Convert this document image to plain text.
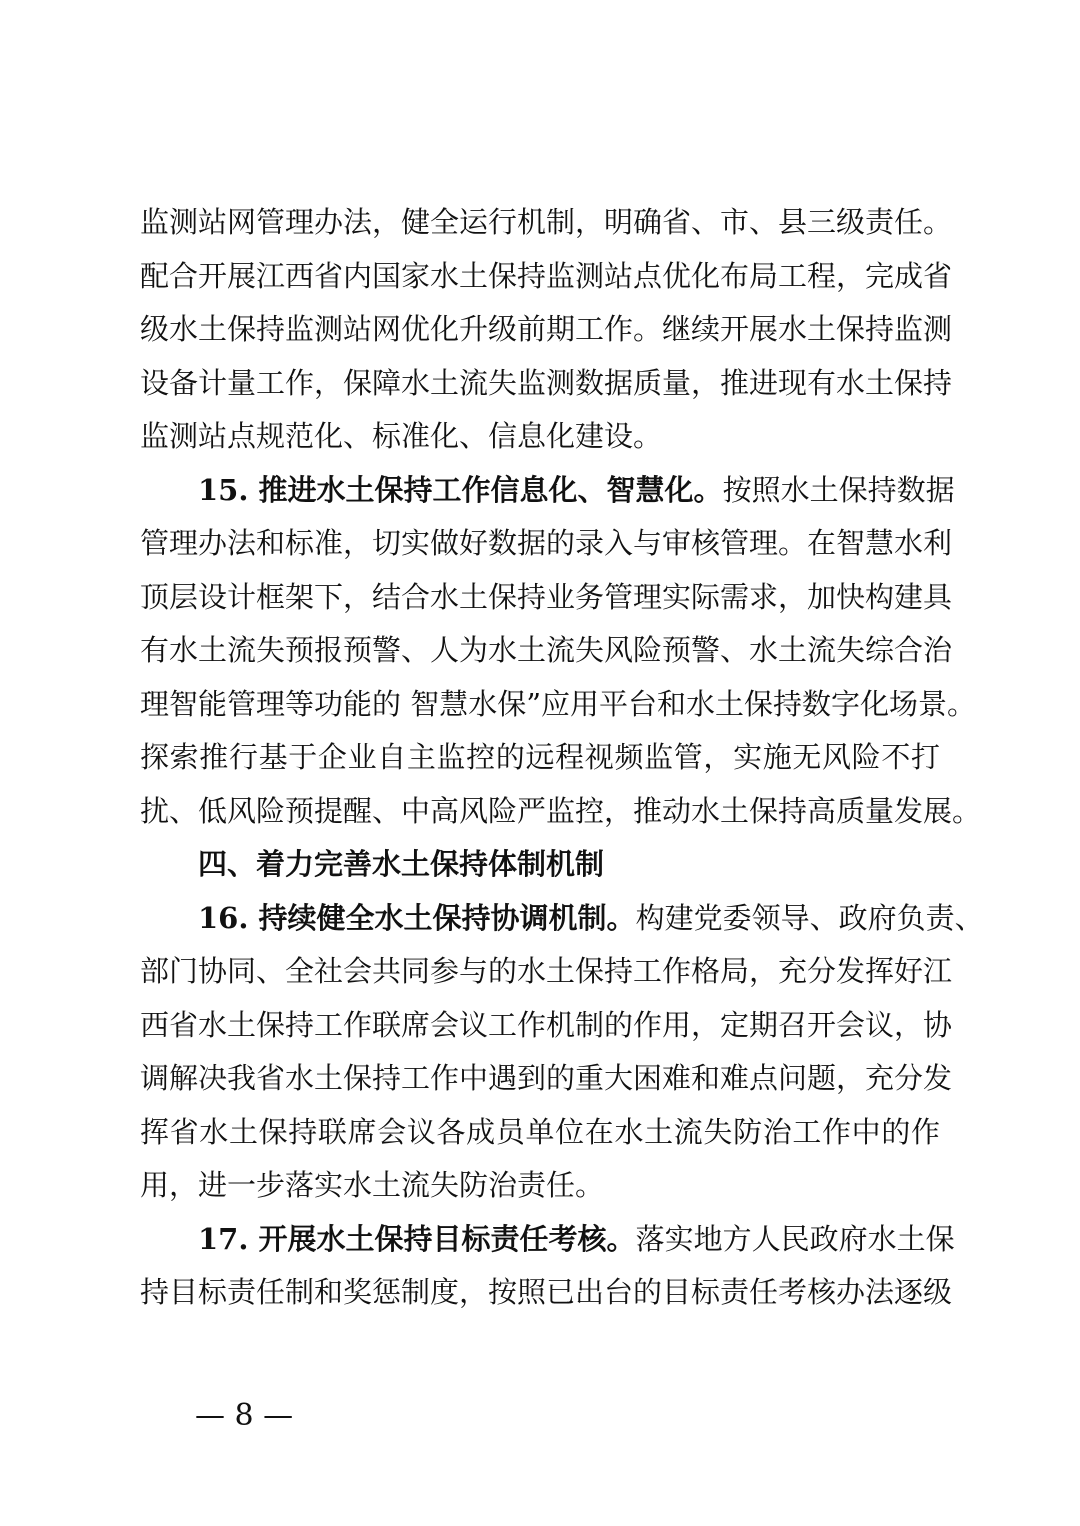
监测站网管理办法，健全运行机制，明确省、市、县三级责任。
配合开展江西省内国家水土保持监测站点优化布局工程，完成省
级水土保持监测站网优化升级前期工作。继续开展水土保持监测
设备计量工作，保障水土流失监测数据质量，推进现有水土保持
监测站点规范化、标准化、信息化建设。
15. 推进水土保持工作信息化、智慧化。按照水土保持数据
管理办法和标准，切实做好数据的录入与审核管理。在智慧水利
顶层设计框架下，结合水土保持业务管理实际需求，加快构建具
有水土流失预报预警、人为水土流失风险预警、水土流失综合治
理智能管理等功能的 智慧水保”应用平台和水土保持数字化场景。
探索推行基于企业自主监控的远程视频监管，实施无风险不打
扰、低风险预提醒、中高风险严监控，推动水土保持高质量发展。
四、着力完善水土保持体制机制
16. 持续健全水土保持协调机制。构建党委领导、政府负责、
部门协同、全社会共同参与的水土保持工作格局，充分发挥好江
西省水土保持工作联席会议工作机制的作用，定期召开会议，协
调解决我省水土保持工作中遇到的重大困难和难点问题，充分发
挥省水土保持联席会议各成员单位在水土流失防治工作中的作
用，进一步落实水土流失防治责任。
17. 开展水土保持目标责任考核。落实地方人民政府水土保
持目标责任制和奖惩制度，按照已出台的目标责任考核办法逐级
— 8 —
